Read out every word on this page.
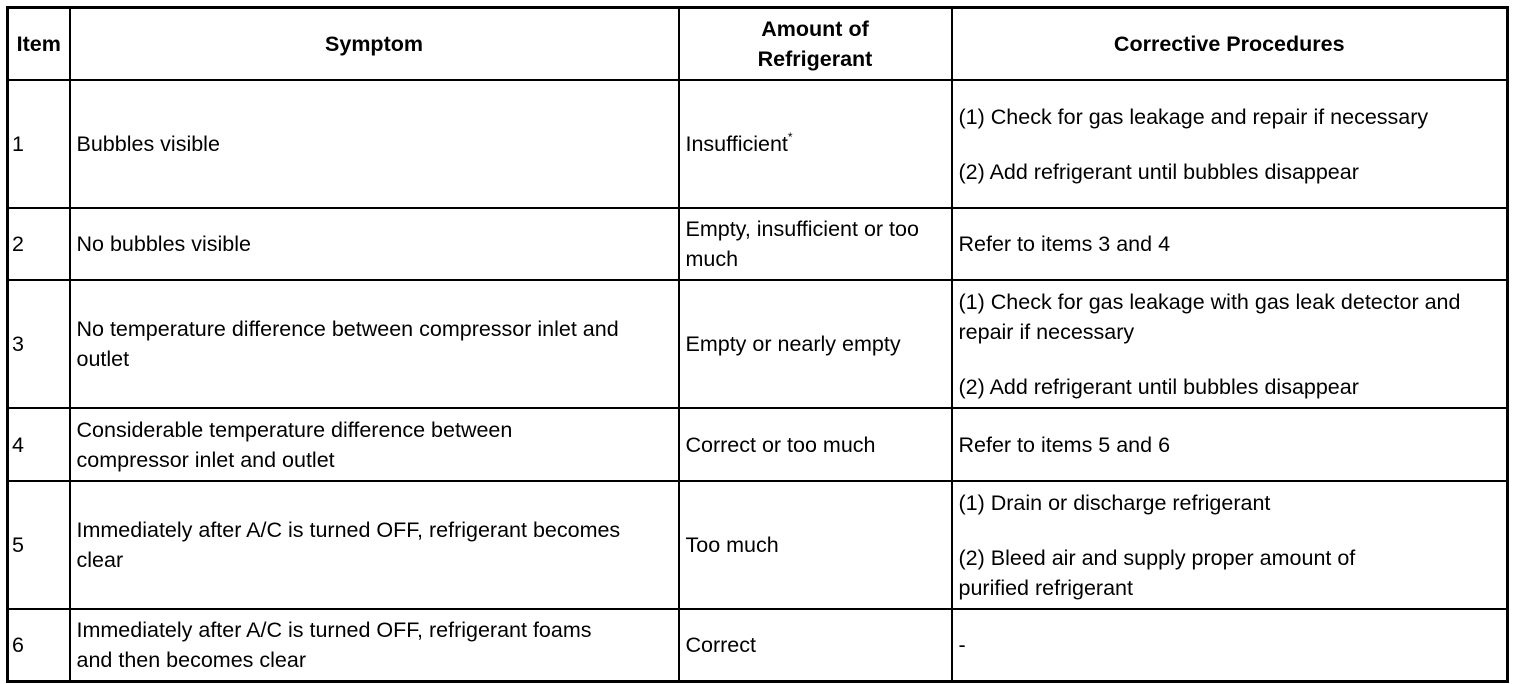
Item	Symptom	Amount of Refrigerant	Corrective Procedures
1	Bubbles visible	Insufficient*	(1) Check for gas leakage and repair if necessary
(2) Add refrigerant until bubbles disappear

2	No bubbles visible	Empty, insufficient or too much	Refer to items 3 and 4

3	No temperature difference between compressor inlet and outlet	Empty or nearly empty	(1) Check for gas leakage with gas leak detector and repair if necessary
(2) Add refrigerant until bubbles disappear

4	Considerable temperature difference between compressor inlet and outlet	Correct or too much	Refer to items 5 and 6

5	Immediately after A/C is turned OFF, refrigerant becomes clear	Too much	(1) Drain or discharge refrigerant
(2) Bleed air and supply proper amount of purified refrigerant

6	Immediately after A/C is turned OFF, refrigerant foams and then becomes clear	Correct	-
